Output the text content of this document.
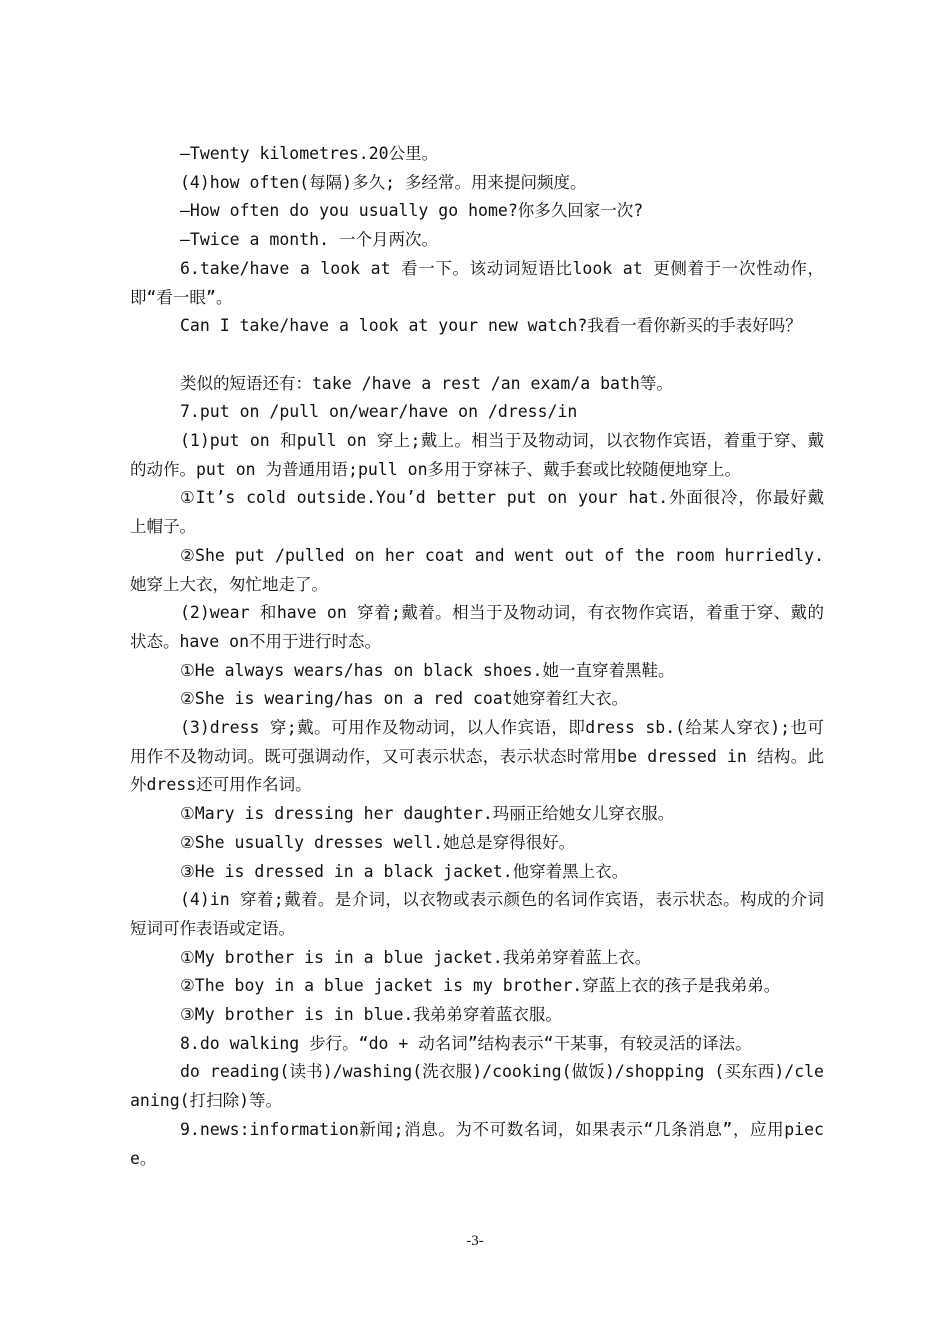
—Twenty kilometres.20公里。

(4)how often(每隔)多久; 多经常。用来提问频度。

—How often do you usually go home?你多久回家一次?

—Twice a month. 一个月两次。

6.take/have a look at 看一下。该动词短语比look at 更侧着于一次性动作，即“看一眼”。

Can I take/have a look at your new watch?我看一看你新买的手表好吗？

类似的短语还有：take /have a rest /an exam/a bath等。

7.put on /pull on/wear/have on /dress/in

(1)put on 和pull on 穿上;戴上。相当于及物动词，以衣物作宾语，着重于穿、戴的动作。put on 为普通用语;pull on多用于穿袜子、戴手套或比较随便地穿上。

①It’s cold outside.You’d better put on your hat.外面很冷，你最好戴上帽子。

②She put /pulled on her coat and went out of the room hurriedly. 她穿上大衣，匆忙地走了。

(2)wear 和have on 穿着;戴着。相当于及物动词，有衣物作宾语，着重于穿、戴的状态。have on不用于进行时态。

①He always wears/has on black shoes.她一直穿着黑鞋。

②She is wearing/has on a red coat她穿着红大衣。

(3)dress 穿;戴。可用作及物动词，以人作宾语，即dress sb.(给某人穿衣);也可用作不及物动词。既可强调动作，又可表示状态，表示状态时常用be dressed in 结构。此外dress还可用作名词。

①Mary is dressing her daughter.玛丽正给她女儿穿衣服。

②She usually dresses well.她总是穿得很好。

③He is dressed in a black jacket.他穿着黑上衣。

(4)in 穿着;戴着。是介词，以衣物或表示颜色的名词作宾语，表示状态。构成的介词短词可作表语或定语。

①My brother is in a blue jacket.我弟弟穿着蓝上衣。

②The boy in a blue jacket is my brother.穿蓝上衣的孩子是我弟弟。

③My brother is in blue.我弟弟穿着蓝衣服。

8.do walking 步行。“do + 动名词”结构表示“干某事，有较灵活的译法。

do reading(读书)/washing(洗衣服)/cooking(做饭)/shopping (买东西)/cleaning(打扫除)等。

9.news:information新闻;消息。为不可数名词，如果表示“几条消息”，应用piece。

-3-
